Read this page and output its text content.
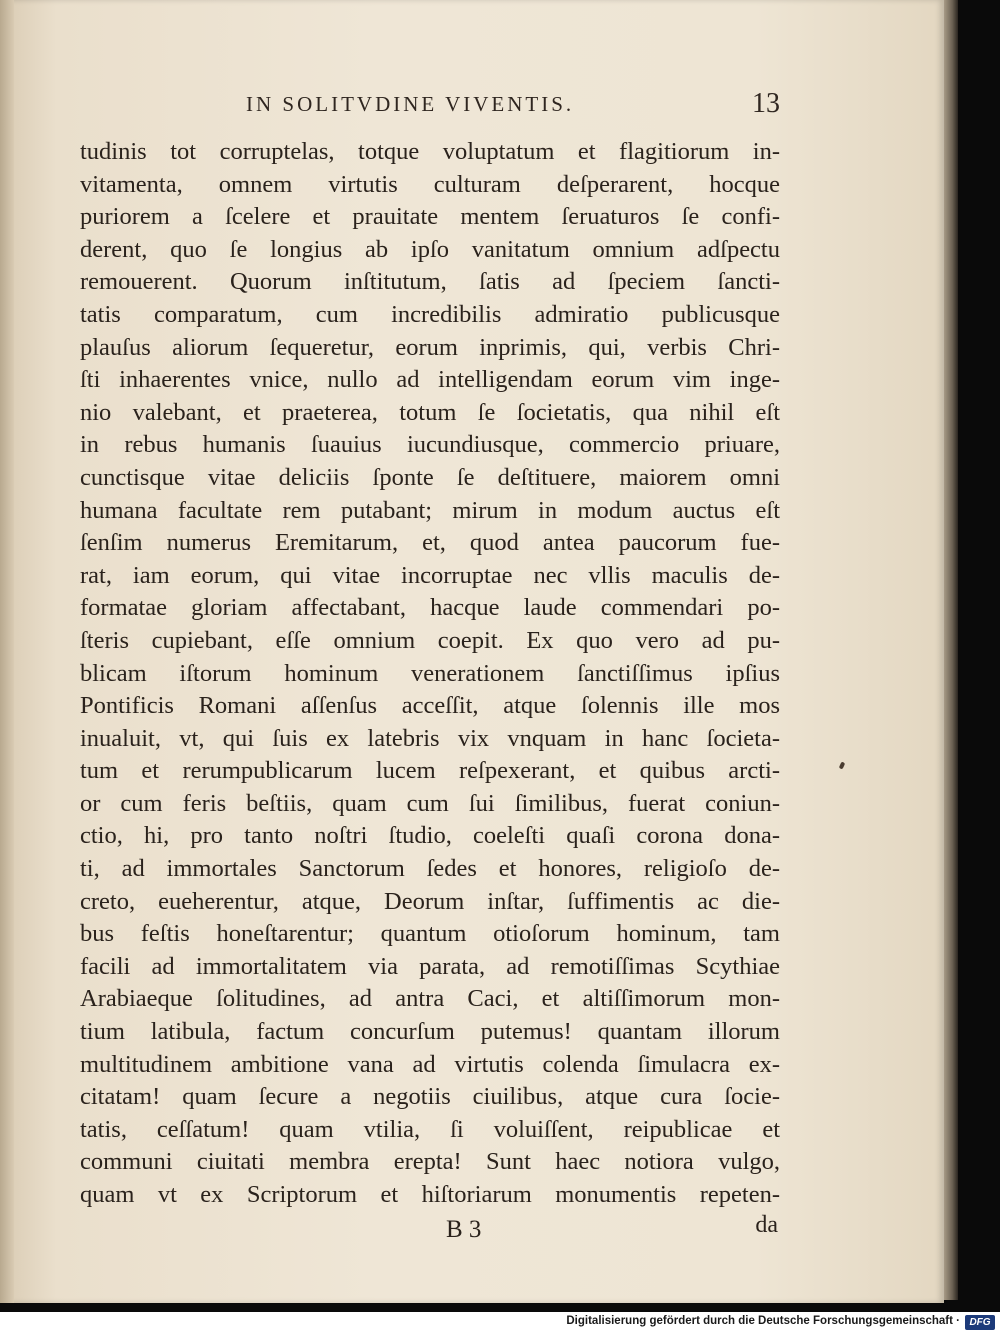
IN SOLITVDINE VIVENTIS.	13
tudinis tot corruptelas, totque voluptatum et flagitiorum in-
vitamenta, omnem virtutis culturam deſperarent, hocque
puriorem a ſcelere et prauitate mentem ſeruaturos ſe confi-
derent, quo ſe longius ab ipſo vanitatum omnium adſpectu
remouerent. Quorum inſtitutum, ſatis ad ſpeciem ſancti-
tatis comparatum, cum incredibilis admiratio publicusque
plauſus aliorum ſequeretur, eorum inprimis, qui, verbis Chri-
ſti inhaerentes vnice, nullo ad intelligendam eorum vim inge-
nio valebant, et praeterea, totum ſe ſocietatis, qua nihil eſt
in rebus humanis ſuauius iucundiusque, commercio priuare,
cunctisque vitae deliciis ſponte ſe deſtituere, maiorem omni
humana facultate rem putabant; mirum in modum auctus eſt
ſenſim numerus Eremitarum, et, quod antea paucorum fue-
rat, iam eorum, qui vitae incorruptae nec vllis maculis de-
formatae gloriam affectabant, hacque laude commendari po-
ſteris cupiebant, eſſe omnium coepit. Ex quo vero ad pu-
blicam iſtorum hominum venerationem ſanctiſſimus ipſius
Pontificis Romani aſſenſus acceſſit, atque ſolennis ille mos
inualuit, vt, qui ſuis ex latebris vix vnquam in hanc ſocieta-
tum et rerumpublicarum lucem reſpexerant, et quibus arcti-
or cum feris beſtiis, quam cum ſui ſimilibus, fuerat coniun-
ctio, hi, pro tanto noſtri ſtudio, coeleſti quaſi corona dona-
ti, ad immortales Sanctorum ſedes et honores, religioſo de-
creto, eueherentur, atque, Deorum inſtar, ſuffimentis ac die-
bus feſtis honeſtarentur; quantum otioſorum hominum, tam
facili ad immortalitatem via parata, ad remotiſſimas Scythiae
Arabiaeque ſolitudines, ad antra Caci, et altiſſimorum mon-
tium latibula, factum concurſum putemus! quantam illorum
multitudinem ambitione vana ad virtutis colenda ſimulacra ex-
citatam! quam ſecure a negotiis ciuilibus, atque cura ſocie-
tatis, ceſſatum! quam vtilia, ſi voluiſſent, reipublicae et
communi ciuitati membra erepta! Sunt haec notiora vulgo,
quam vt ex Scriptorum et hiſtoriarum monumentis repeten-
B 3	da
Digitalisierung gefördert durch die Deutsche Forschungsgemeinschaft · DFG
